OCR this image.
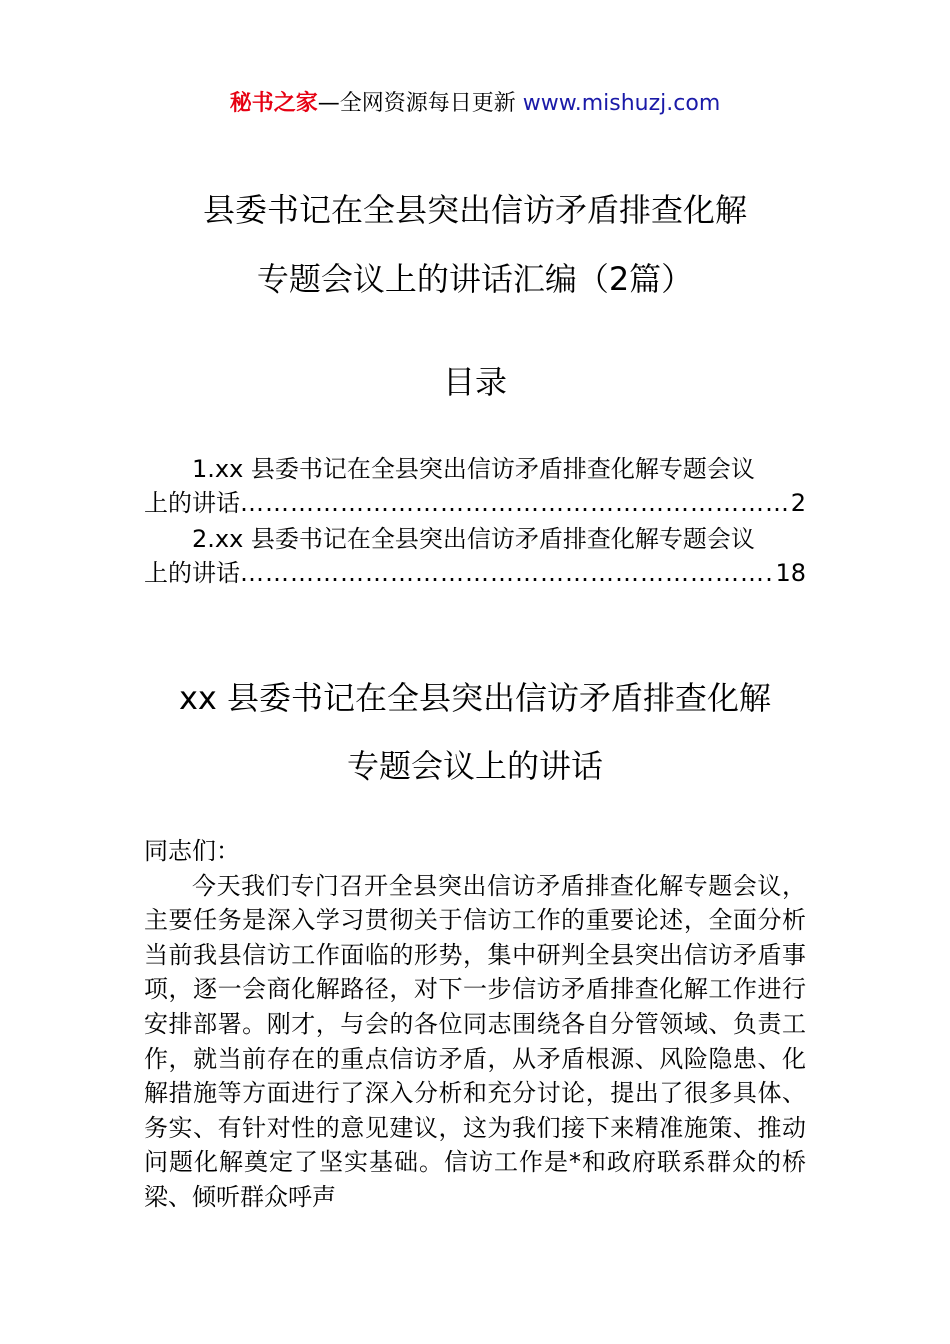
秘书之家—全网资源每日更新 www.mishuzj.com
县委书记在全县突出信访矛盾排查化解
专题会议上的讲话汇编（2篇）
目录
1.xx 县委书记在全县突出信访矛盾排查化解专题会议
上的讲话 ……………………………………………………………………………………………………………………………………	2
2.xx 县委书记在全县突出信访矛盾排查化解专题会议
上的讲话 ……………………………………………………………………………………………………………………………………	18
xx 县委书记在全县突出信访矛盾排查化解
专题会议上的讲话
同志们：

今天我们专门召开全县突出信访矛盾排查化解专题会议，主要任务是深入学习贯彻关于信访工作的重要论述，全面分析当前我县信访工作面临的形势，集中研判全县突出信访矛盾事项，逐一会商化解路径，对下一步信访矛盾排查化解工作进行安排部署。刚才，与会的各位同志围绕各自分管领域、负责工作，就当前存在的重点信访矛盾，从矛盾根源、风险隐患、化解措施等方面进行了深入分析和充分讨论，提出了很多具体、务实、有针对性的意见建议，这为我们接下来精准施策、推动问题化解奠定了坚实基础。信访工作是*和政府联系群众的桥梁、倾听群众呼声
